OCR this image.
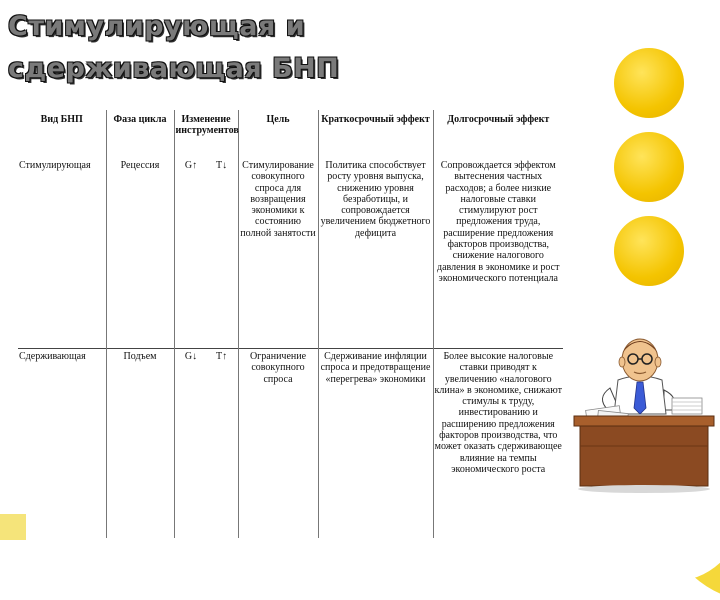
Стимулирующая и
сдерживающая БНП
Вид БНП	Фаза цикла	Изменение инструментов	Цель	Краткосрочный эффект	Долгосрочный эффект
Стимулирующая	Рецессия	G↑ T↓	Стимулирование совокупного спроса для возвращения экономики к состоянию полной занятости	Политика способствует росту уровня выпуска, снижению уровня безработицы, и сопровождается увеличением бюджетного дефицита	Сопровождается эффектом вытеснения частных расходов; а более низкие налоговые ставки стимулируют рост предложения труда, расширение предложения факторов производства, снижение налогового давления в экономике и рост экономического потенциала
Сдерживающая	Подъем	G↓ T↑	Ограничение совокупного спроса	Сдерживание инфляции спроса и предотвращение «перегрева» экономики	Более высокие налоговые ставки приводят к увеличению «налогового клина» в экономике, снижают стимулы к труду, инвестированию и расширению предложения факторов производства, что может оказать сдерживающее влияние на темпы экономического роста
